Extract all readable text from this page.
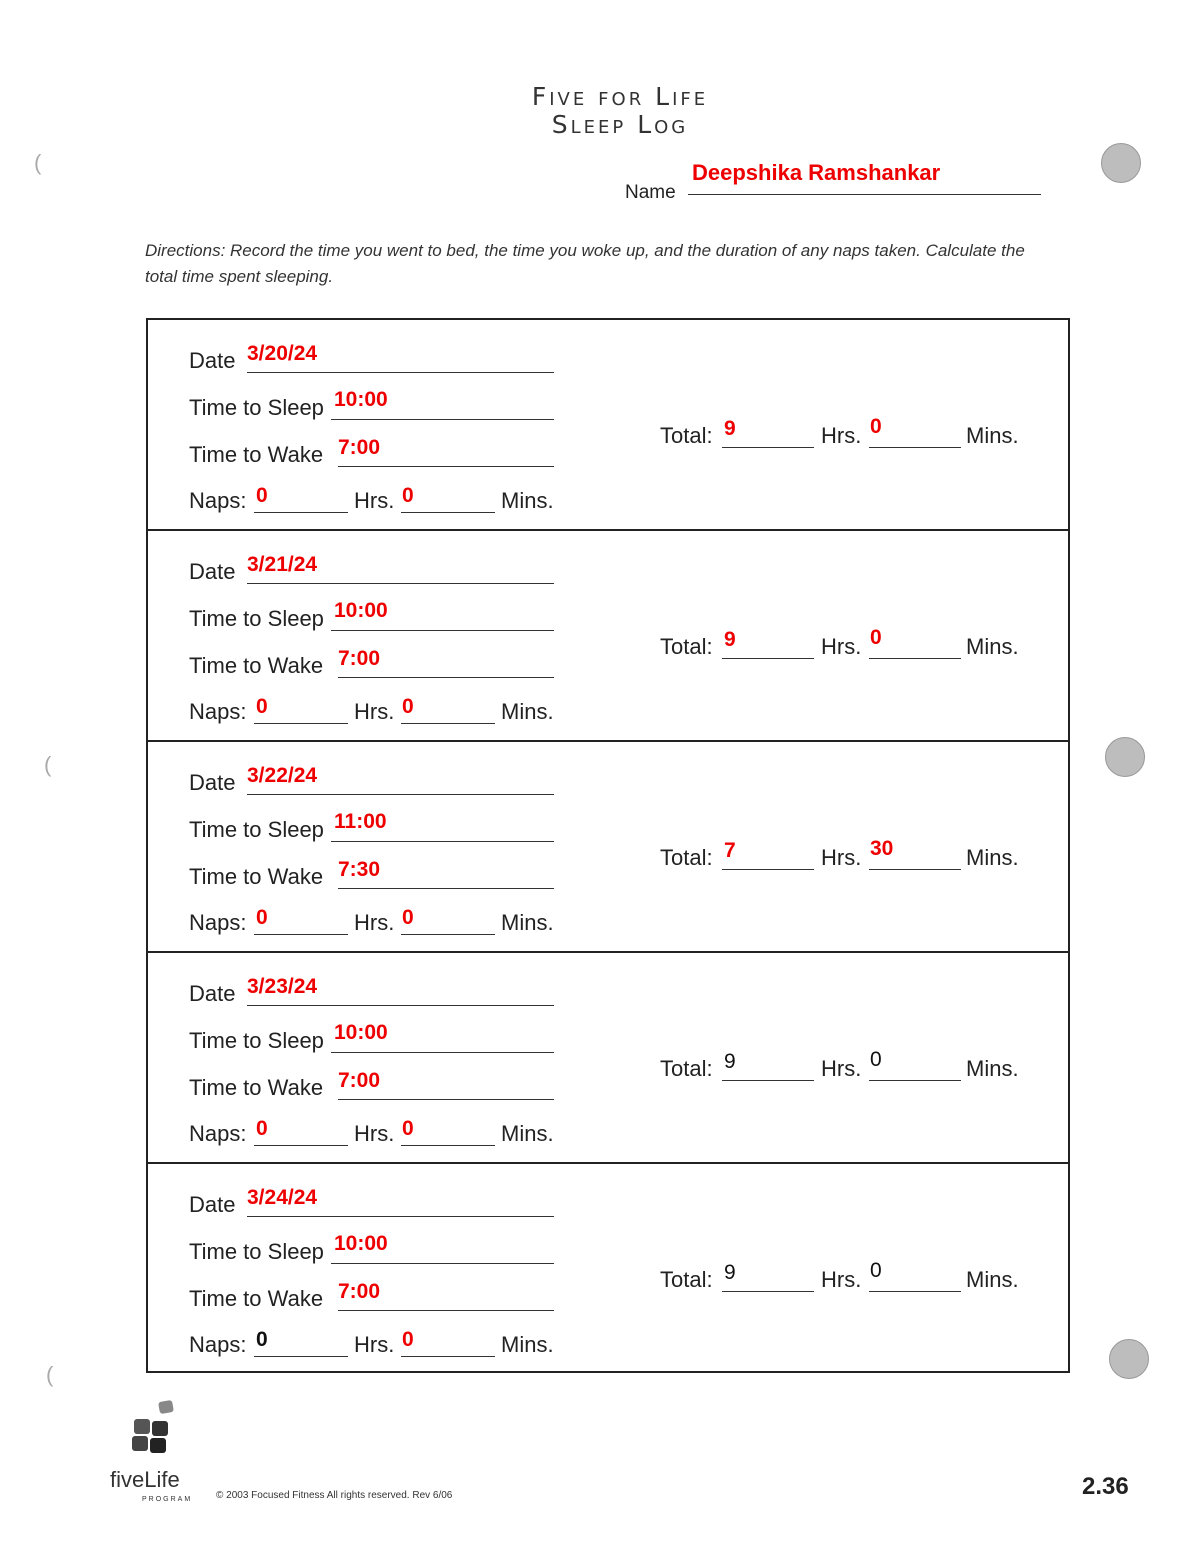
Five for Life
Sleep Log
Name
Deepshika Ramshankar
Directions: Record the time you went to bed, the time you woke up, and the duration of any naps taken. Calculate the total time spent sleeping.
(
(
(
Date 3/20/24
Time to Sleep 10:00
Time to Wake 7:00
Naps: 0	Hrs. 0	Mins.
Total: 9	Hrs. 0	Mins.
Date 3/21/24
Time to Sleep 10:00
Time to Wake 7:00
Naps: 0	Hrs. 0	Mins.
Total: 9	Hrs. 0	Mins.
Date 3/22/24
Time to Sleep 11:00
Time to Wake 7:30
Naps: 0	Hrs. 0	Mins.
Total: 7	Hrs. 30	Mins.
Date 3/23/24
Time to Sleep 10:00
Time to Wake 7:00
Naps: 0	Hrs. 0	Mins.
Total: 9	Hrs. 0	Mins.
Date 3/24/24
Time to Sleep 10:00
Time to Wake 7:00
Naps: 0	Hrs. 0	Mins.
Total: 9	Hrs. 0	Mins.
fiveLife
PROGRAM © 2003 Focused Fitness All rights reserved. Rev 6/06	2.36
